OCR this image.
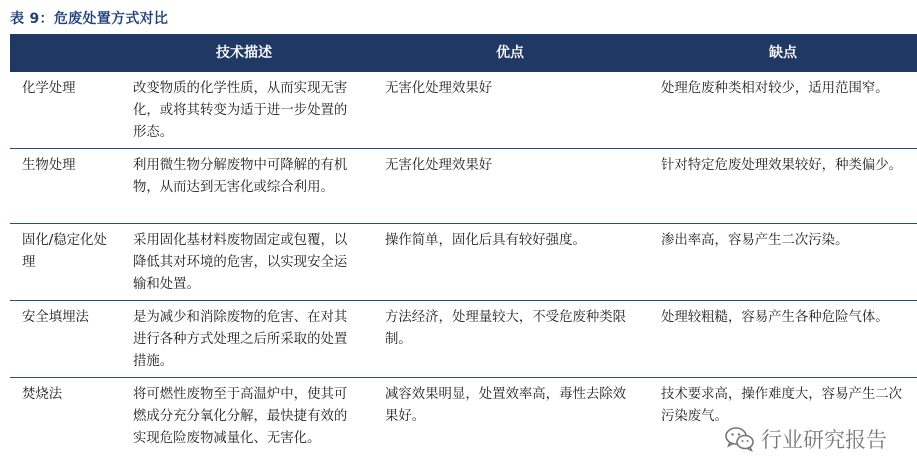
表 9：危废处置方式对比
	技术描述	优点	缺点
化学处理	改变物质的化学性质，从而实现无害化，或将其转变为适于进一步处置的形态。	无害化处理效果好	处理危废种类相对较少，适用范围窄。
生物处理	利用微生物分解废物中可降解的有机物，从而达到无害化或综合利用。	无害化处理效果好	针对特定危废处理效果较好，种类偏少。
固化/稳定化处理	采用固化基材料废物固定或包覆，以降低其对环境的危害，以实现安全运输和处置。	操作简单，固化后具有较好强度。	渗出率高，容易产生二次污染。
安全填埋法	是为减少和消除废物的危害、在对其进行各种方式处理之后所采取的处置措施。	方法经济，处理量较大，不受危废种类限制。	处理较粗糙，容易产生各种危险气体。
焚烧法	将可燃性废物至于高温炉中，使其可燃成分充分氧化分解，最快捷有效的实现危险废物减量化、无害化。	减容效果明显，处置效率高，毒性去除效果好。	技术要求高，操作难度大，容易产生二次污染废气。
行业研究报告
